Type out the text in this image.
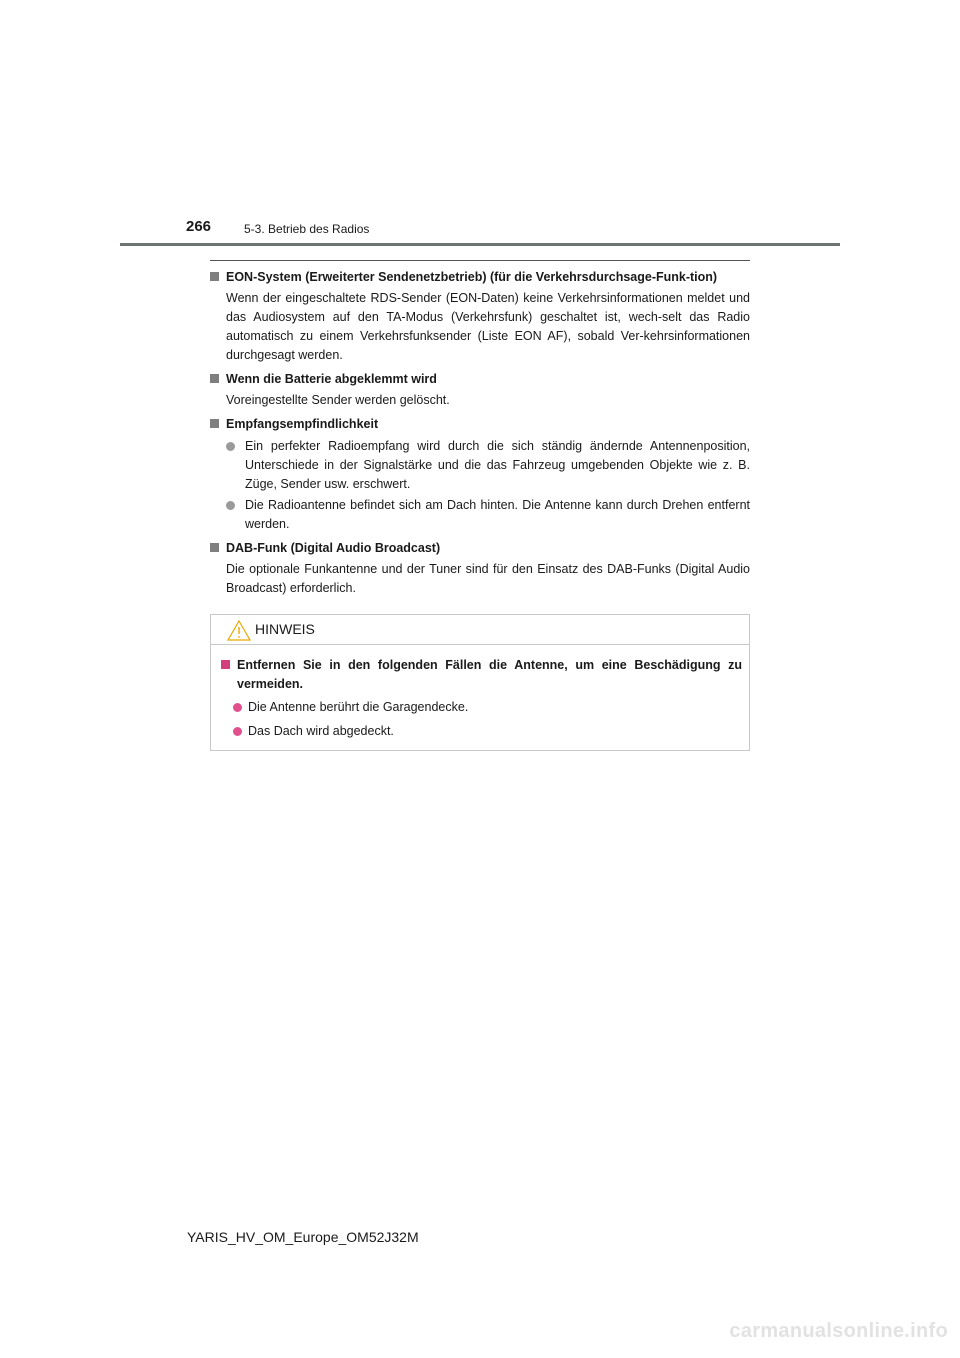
266	5-3. Betrieb des Radios
EON-System (Erweiterter Sendenetzbetrieb) (für die Verkehrsdurchsage-Funk-tion)
Wenn der eingeschaltete RDS-Sender (EON-Daten) keine Verkehrsinformationen meldet und das Audiosystem auf den TA-Modus (Verkehrsfunk) geschaltet ist, wech-selt das Radio automatisch zu einem Verkehrsfunksender (Liste EON AF), sobald Ver-kehrsinformationen durchgesagt werden.
Wenn die Batterie abgeklemmt wird
Voreingestellte Sender werden gelöscht.
Empfangsempfindlichkeit
Ein perfekter Radioempfang wird durch die sich ständig ändernde Antennenposition, Unterschiede in der Signalstärke und die das Fahrzeug umgebenden Objekte wie z. B. Züge, Sender usw. erschwert.
Die Radioantenne befindet sich am Dach hinten. Die Antenne kann durch Drehen entfernt werden.
DAB-Funk (Digital Audio Broadcast)
Die optionale Funkantenne und der Tuner sind für den Einsatz des DAB-Funks (Digital Audio Broadcast) erforderlich.
HINWEIS
Entfernen Sie in den folgenden Fällen die Antenne, um eine Beschädigung zu vermeiden.
Die Antenne berührt die Garagendecke.
Das Dach wird abgedeckt.
YARIS_HV_OM_Europe_OM52J32M
carmanualsonline.info
